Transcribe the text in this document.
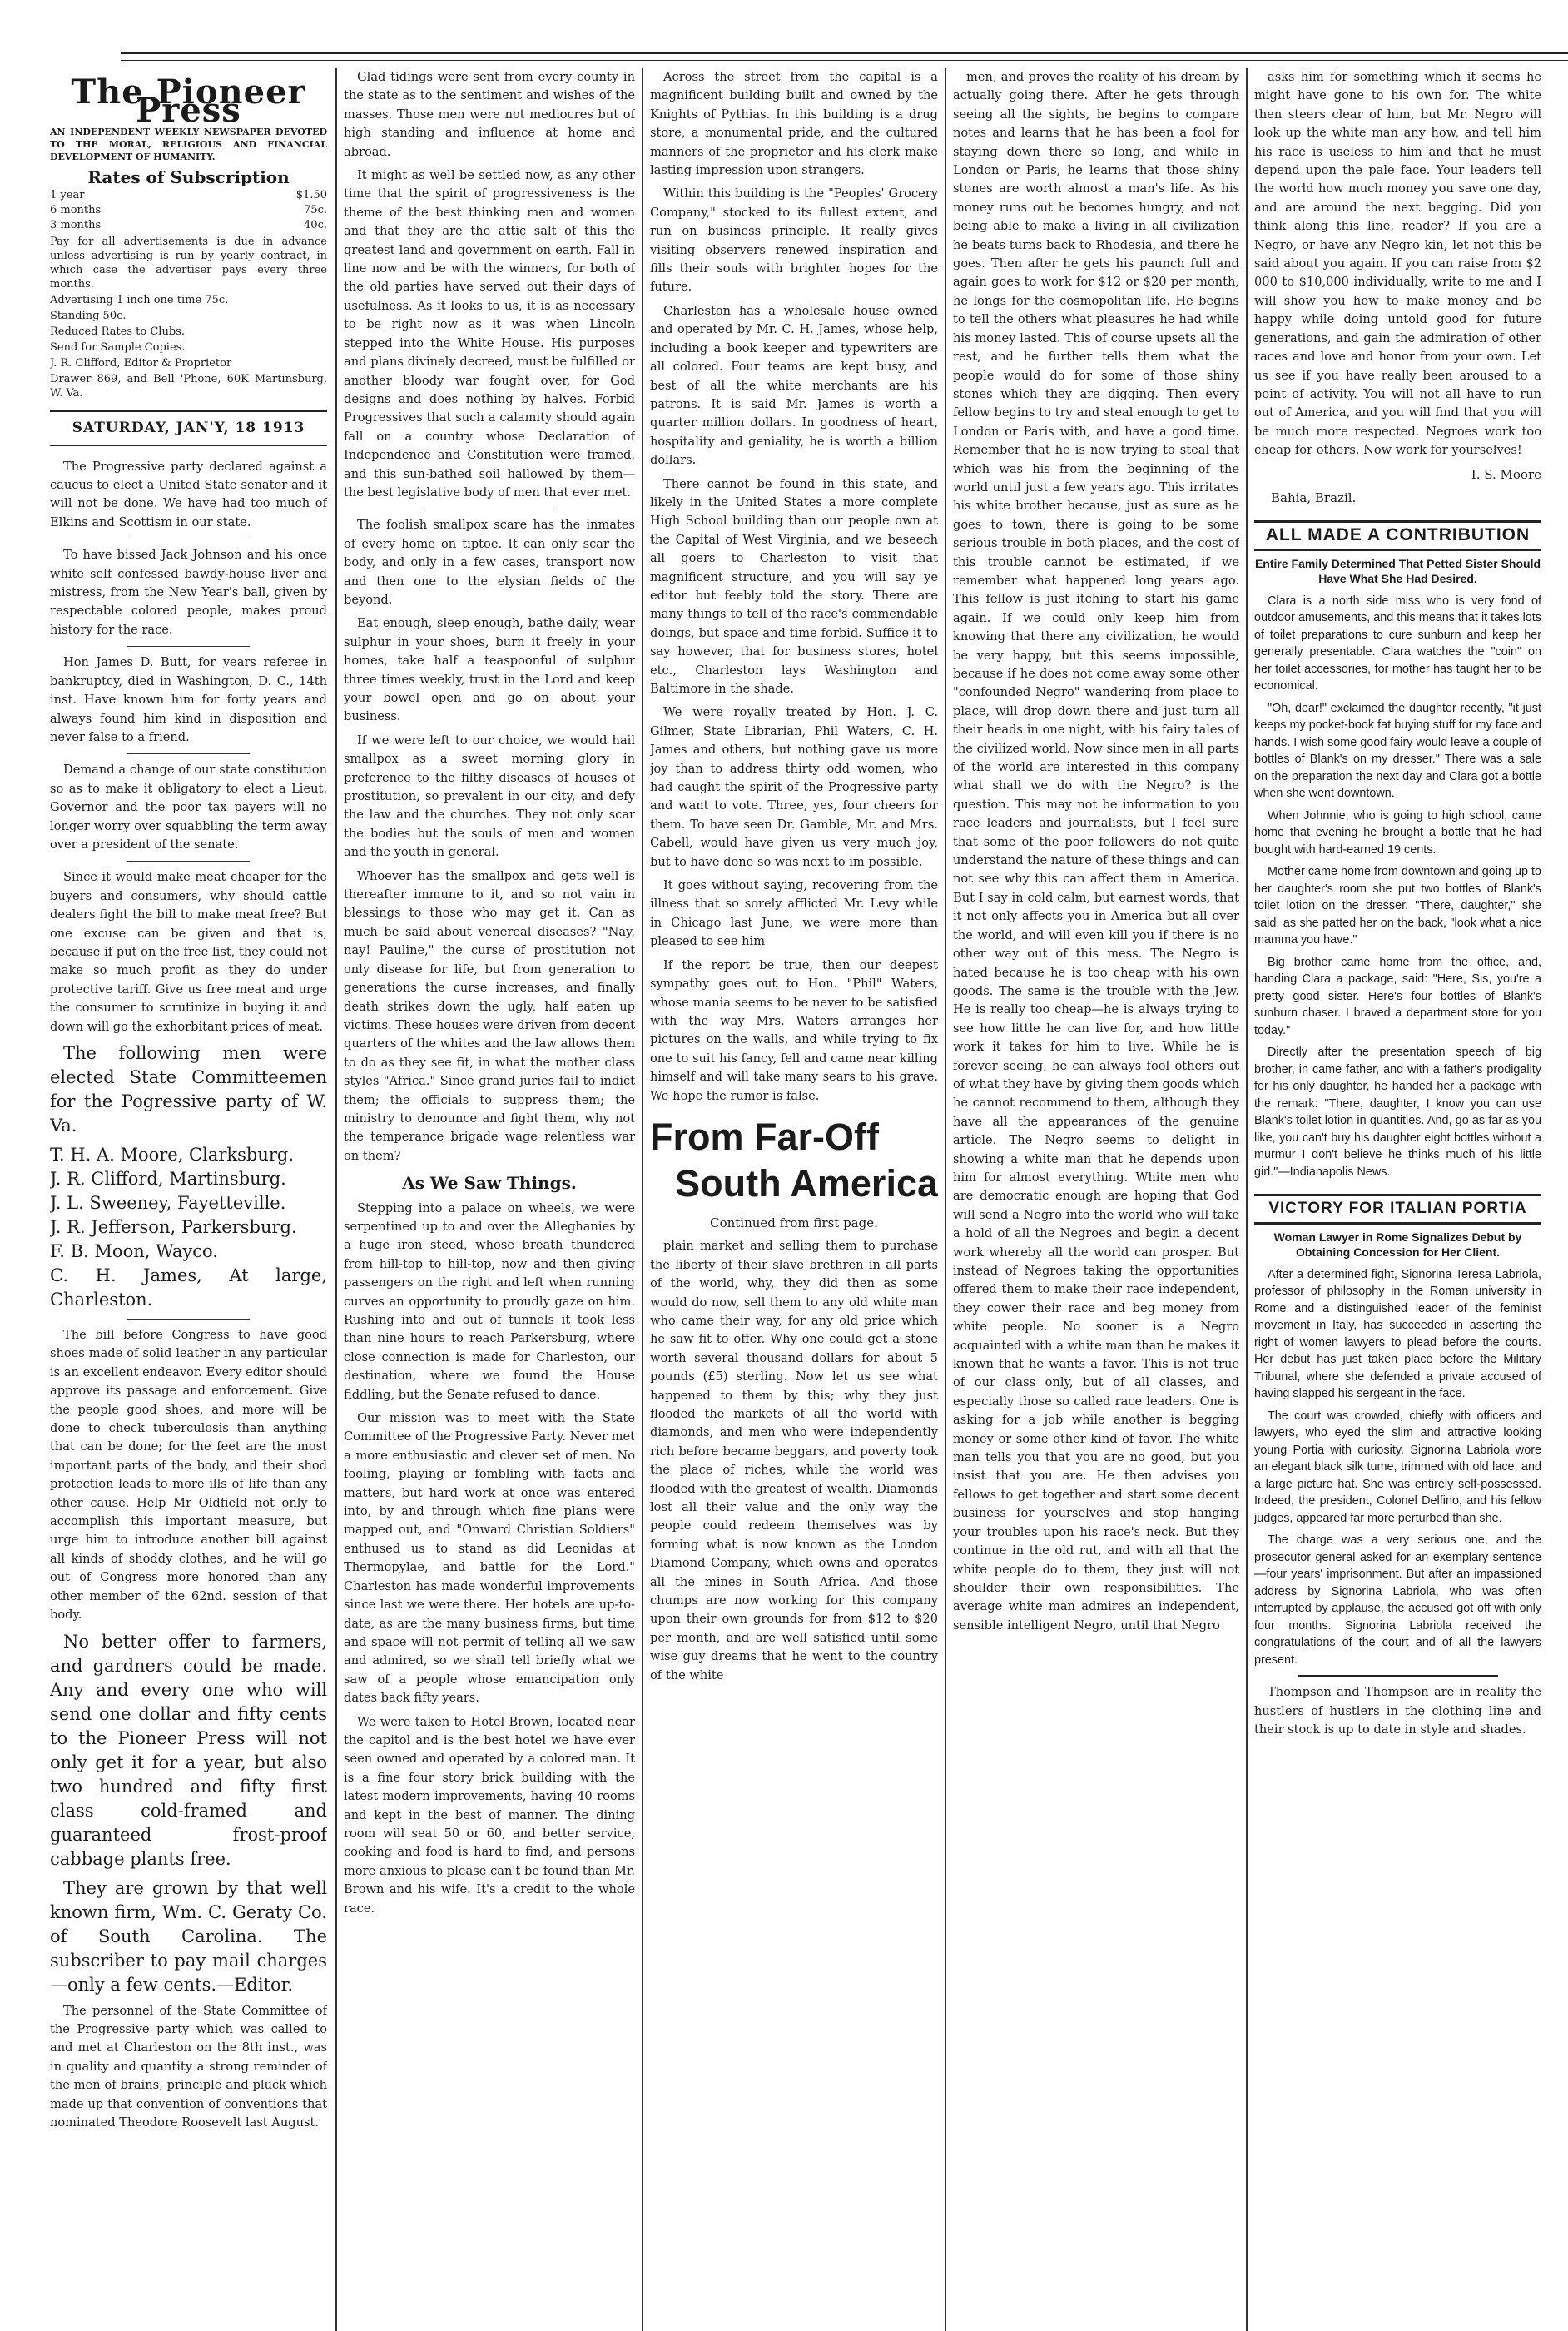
The Pioneer Press
AN INDEPENDENT WEEKLY NEWSPAPER DEVOTED TO THE MORAL, RELIGIOUS AND FINANCIAL DEVELOPMENT OF HUMANITY.
Rates of Subscription
1 year	$1.50
6 months	75c.
3 months	40c.
Pay for all advertisements is due in advance unless advertising is run by yearly contract, in which case the advertiser pays every three months.
Advertising 1 inch one time 75c.
Standing 50c.
Reduced Rates to Clubs.
Send for Sample Copies.
J. R. Clifford, Editor & Proprietor
Drawer 869, and Bell 'Phone, 60K Martinsburg, W. Va.
SATURDAY, JAN'Y, 18 1913

The Progressive party declared against a caucus to elect a United State senator and it will not be done. We have had too much of Elkins and Scottism in our state.

To have bissed Jack Johnson and his once white self confessed bawdy-house liver and mistress, from the New Year's ball, given by respectable colored people, makes proud history for the race.

Hon James D. Butt, for years referee in bankruptcy, died in Washington, D. C., 14th inst. Have known him for forty years and always found him kind in disposition and never false to a friend.

Demand a change of our state constitution so as to make it obligatory to elect a Lieut. Governor and the poor tax payers will no longer worry over squabbling the term away over a president of the senate.

Since it would make meat cheaper for the buyers and consumers, why should cattle dealers fight the bill to make meat free? But one excuse can be given and that is, because if put on the free list, they could not make so much profit as they do under protective tariff. Give us free meat and urge the consumer to scrutinize in buying it and down will go the exhorbitant prices of meat.

The following men were elected State Committeemen for the Pogressive party of W. Va.

T. H. A. Moore, Clarksburg.
J. R. Clifford, Martinsburg.
J. L. Sweeney, Fayetteville.
J. R. Jefferson, Parkersburg.
F. B. Moon, Wayco.
C. H. James, At large, Charleston.

The bill before Congress to have good shoes made of solid leather in any particular is an excellent endeavor. Every editor should approve its passage and enforcement. Give the people good shoes, and more will be done to check tuberculosis than anything that can be done; for the feet are the most important parts of the body, and their shod protection leads to more ills of life than any other cause. Help Mr Oldfield not only to accomplish this important measure, but urge him to introduce another bill against all kinds of shoddy clothes, and he will go out of Congress more honored than any other member of the 62nd. session of that body.

No better offer to farmers, and gardners could be made. Any and every one who will send one dollar and fifty cents to the Pioneer Press will not only get it for a year, but also two hundred and fifty first class cold-framed and guaranteed frost-proof cabbage plants free.

They are grown by that well known firm, Wm. C. Geraty Co. of South Carolina. The subscriber to pay mail charges—only a few cents.—Editor.

The personnel of the State Committee of the Progressive party which was called to and met at Charleston on the 8th inst., was in quality and quantity a strong reminder of the men of brains, principle and pluck which made up that convention of conventions that nominated Theodore Roosevelt last August.

Glad tidings were sent from every county in the state as to the sentiment and wishes of the masses. Those men were not mediocres but of high standing and influence at home and abroad.

It might as well be settled now, as any other time that the spirit of progressiveness is the theme of the best thinking men and women and that they are the attic salt of this the greatest land and government on earth. Fall in line now and be with the winners, for both of the old parties have served out their days of usefulness. As it looks to us, it is as necessary to be right now as it was when Lincoln stepped into the White House. His purposes and plans divinely decreed, must be fulfilled or another bloody war fought over, for God designs and does nothing by halves. Forbid Progressives that such a calamity should again fall on a country whose Declaration of Independence and Constitution were framed, and this sun-bathed soil hallowed by them—the best legislative body of men that ever met.

The foolish smallpox scare has the inmates of every home on tiptoe. It can only scar the body, and only in a few cases, transport now and then one to the elysian fields of the beyond.

Eat enough, sleep enough, bathe daily, wear sulphur in your shoes, burn it freely in your homes, take half a teaspoonful of sulphur three times weekly, trust in the Lord and keep your bowel open and go on about your business.

If we were left to our choice, we would hail smallpox as a sweet morning glory in preference to the filthy diseases of houses of prostitution, so prevalent in our city, and defy the law and the churches. They not only scar the bodies but the souls of men and women and the youth in general.

Whoever has the smallpox and gets well is thereafter immune to it, and so not vain in blessings to those who may get it. Can as much be said about venereal diseases? "Nay, nay! Pauline," the curse of prostitution not only disease for life, but from generation to generations the curse increases, and finally death strikes down the ugly, half eaten up victims. These houses were driven from decent quarters of the whites and the law allows them to do as they see fit, in what the mother class styles "Africa." Since grand juries fail to indict them; the officials to suppress them; the ministry to denounce and fight them, why not the temperance brigade wage relentless war on them?

As We Saw Things.

Stepping into a palace on wheels, we were serpentined up to and over the Alleghanies by a huge iron steed, whose breath thundered from hill-top to hill-top, now and then giving passengers on the right and left when running curves an opportunity to proudly gaze on him. Rushing into and out of tunnels it took less than nine hours to reach Parkersburg, where close connection is made for Charleston, our destination, where we found the House fiddling, but the Senate refused to dance.

Our mission was to meet with the State Committee of the Progressive Party. Never met a more enthusiastic and clever set of men. No fooling, playing or fombling with facts and matters, but hard work at once was entered into, by and through which fine plans were mapped out, and "Onward Christian Soldiers" enthused us to stand as did Leonidas at Thermopylae, and battle for the Lord." Charleston has made wonderful improvements since last we were there. Her hotels are up-to-date, as are the many business firms, but time and space will not permit of telling all we saw and admired, so we shall tell briefly what we saw of a people whose emancipation only dates back fifty years.

We were taken to Hotel Brown, located near the capitol and is the best hotel we have ever seen owned and operated by a colored man. It is a fine four story brick building with the latest modern improvements, having 40 rooms and kept in the best of manner. The dining room will seat 50 or 60, and better service, cooking and food is hard to find, and persons more anxious to please can't be found than Mr. Brown and his wife. It's a credit to the whole race.

Across the street from the capital is a magnificent building built and owned by the Knights of Pythias. In this building is a drug store, a monumental pride, and the cultured manners of the proprietor and his clerk make lasting impression upon strangers.

Within this building is the "Peoples' Grocery Company," stocked to its fullest extent, and run on business principle. It really gives visiting observers renewed inspiration and fills their souls with brighter hopes for the future.

Charleston has a wholesale house owned and operated by Mr. C. H. James, whose help, including a book keeper and typewriters are all colored. Four teams are kept busy, and best of all the white merchants are his patrons. It is said Mr. James is worth a quarter million dollars. In goodness of heart, hospitality and geniality, he is worth a billion dollars.

There cannot be found in this state, and likely in the United States a more complete High School building than our people own at the Capital of West Virginia, and we beseech all goers to Charleston to visit that magnificent structure, and you will say ye editor but feebly told the story. There are many things to tell of the race's commendable doings, but space and time forbid. Suffice it to say however, that for business stores, hotel etc., Charleston lays Washington and Baltimore in the shade.

We were royally treated by Hon. J. C. Gilmer, State Librarian, Phil Waters, C. H. James and others, but nothing gave us more joy than to address thirty odd women, who had caught the spirit of the Progressive party and want to vote. Three, yes, four cheers for them. To have seen Dr. Gamble, Mr. and Mrs. Cabell, would have given us very much joy, but to have done so was next to im possible.

It goes without saying, recovering from the illness that so sorely afflicted Mr. Levy while in Chicago last June, we were more than pleased to see him

If the report be true, then our deepest sympathy goes out to Hon. "Phil" Waters, whose mania seems to be never to be satisfied with the way Mrs. Waters arranges her pictures on the walls, and while trying to fix one to suit his fancy, fell and came near killing himself and will take many sears to his grave. We hope the rumor is false.

From Far-Off
South America
Continued from first page.

plain market and selling them to purchase the liberty of their slave brethren in all parts of the world, why, they did then as some would do now, sell them to any old white man who came their way, for any old price which he saw fit to offer. Why one could get a stone worth several thousand dollars for about 5 pounds (£5) sterling. Now let us see what happened to them by this; why they just flooded the markets of all the world with diamonds, and men who were independently rich before became beggars, and poverty took the place of riches, while the world was flooded with the greatest of wealth. Diamonds lost all their value and the only way the people could redeem themselves was by forming what is now known as the London Diamond Company, which owns and operates all the mines in South Africa. And those chumps are now working for this company upon their own grounds for from $12 to $20 per month, and are well satisfied until some wise guy dreams that he went to the country of the white

men, and proves the reality of his dream by actually going there. After he gets through seeing all the sights, he begins to compare notes and learns that he has been a fool for staying down there so long, and while in London or Paris, he learns that those shiny stones are worth almost a man's life. As his money runs out he becomes hungry, and not being able to make a living in all civilization he beats turns back to Rhodesia, and there he goes. Then after he gets his paunch full and again goes to work for $12 or $20 per month, he longs for the cosmopolitan life. He begins to tell the others what pleasures he had while his money lasted. This of course upsets all the rest, and he further tells them what the people would do for some of those shiny stones which they are digging. Then every fellow begins to try and steal enough to get to London or Paris with, and have a good time. Remember that he is now trying to steal that which was his from the beginning of the world until just a few years ago. This irritates his white brother because, just as sure as he goes to town, there is going to be some serious trouble in both places, and the cost of this trouble cannot be estimated, if we remember what happened long years ago. This fellow is just itching to start his game again. If we could only keep him from knowing that there any civilization, he would be very happy, but this seems impossible, because if he does not come away some other "confounded Negro" wandering from place to place, will drop down there and just turn all their heads in one night, with his fairy tales of the civilized world. Now since men in all parts of the world are interested in this company what shall we do with the Negro? is the question. This may not be information to you race leaders and journalists, but I feel sure that some of the poor followers do not quite understand the nature of these things and can not see why this can affect them in America. But I say in cold calm, but earnest words, that it not only affects you in America but all over the world, and will even kill you if there is no other way out of this mess. The Negro is hated because he is too cheap with his own goods. The same is the trouble with the Jew. He is really too cheap—he is always trying to see how little he can live for, and how little work it takes for him to live. While he is forever seeing, he can always fool others out of what they have by giving them goods which he cannot recommend to them, although they have all the appearances of the genuine article. The Negro seems to delight in showing a white man that he depends upon him for almost everything. White men who are democratic enough are hoping that God will send a Negro into the world who will take a hold of all the Negroes and begin a decent work whereby all the world can prosper. But instead of Negroes taking the opportunities offered them to make their race independent, they cower their race and beg money from white people. No sooner is a Negro acquainted with a white man than he makes it known that he wants a favor. This is not true of our class only, but of all classes, and especially those so called race leaders. One is asking for a job while another is begging money or some other kind of favor. The white man tells you that you are no good, but you insist that you are. He then advises you fellows to get together and start some decent business for yourselves and stop hanging your troubles upon his race's neck. But they continue in the old rut, and with all that the white people do to them, they just will not shoulder their own responsibilities. The average white man admires an independent, sensible intelligent Negro, until that Negro

asks him for something which it seems he might have gone to his own for. The white then steers clear of him, but Mr. Negro will look up the white man any how, and tell him his race is useless to him and that he must depend upon the pale face. Your leaders tell the world how much money you save one day, and are around the next begging. Did you think along this line, reader? If you are a Negro, or have any Negro kin, let not this be said about you again. If you can raise from $2 000 to $10,000 individually, write to me and I will show you how to make money and be happy while doing untold good for future generations, and gain the admiration of other races and love and honor from your own. Let us see if you have really been aroused to a point of activity. You will not all have to run out of America, and you will find that you will be much more respected. Negroes work too cheap for others. Now work for yourselves!

I. S. Moore
Bahia, Brazil.
ALL MADE A CONTRIBUTION
Entire Family Determined That Petted Sister Should Have What She Had Desired.

Clara is a north side miss who is very fond of outdoor amusements, and this means that it takes lots of toilet preparations to cure sunburn and keep her generally presentable. Clara watches the "coin" on her toilet accessories, for mother has taught her to be economical.

"Oh, dear!" exclaimed the daughter recently, "it just keeps my pocket-book fat buying stuff for my face and hands. I wish some good fairy would leave a couple of bottles of Blank's on my dresser." There was a sale on the preparation the next day and Clara got a bottle when she went downtown.

When Johnnie, who is going to high school, came home that evening he brought a bottle that he had bought with hard-earned 19 cents.

Mother came home from downtown and going up to her daughter's room she put two bottles of Blank's toilet lotion on the dresser. "There, daughter," she said, as she patted her on the back, "look what a nice mamma you have."

Big brother came home from the office, and, handing Clara a package, said: "Here, Sis, you're a pretty good sister. Here's four bottles of Blank's sunburn chaser. I braved a department store for you today."

Directly after the presentation speech of big brother, in came father, and with a father's prodigality for his only daughter, he handed her a package with the remark: "There, daughter, I know you can use Blank's toilet lotion in quantities. And, go as far as you like, you can't buy his daughter eight bottles without a murmur I don't believe he thinks much of his little girl."—Indianapolis News.

VICTORY FOR ITALIAN PORTIA
Woman Lawyer in Rome Signalizes Debut by Obtaining Concession for Her Client.

After a determined fight, Signorina Teresa Labriola, professor of philosophy in the Roman university in Rome and a distinguished leader of the feminist movement in Italy, has succeeded in asserting the right of women lawyers to plead before the courts. Her debut has just taken place before the Military Tribunal, where she defended a private accused of having slapped his sergeant in the face.

The court was crowded, chiefly with officers and lawyers, who eyed the slim and attractive looking young Portia with curiosity. Signorina Labriola wore an elegant black silk tume, trimmed with old lace, and a large picture hat. She was entirely self-possessed. Indeed, the president, Colonel Delfino, and his fellow judges, appeared far more perturbed than she.

The charge was a very serious one, and the prosecutor general asked for an exemplary sentence—four years' imprisonment. But after an impassioned address by Signorina Labriola, who was often interrupted by applause, the accused got off with only four months. Signorina Labriola received the congratulations of the court and of all the lawyers present.

Thompson and Thompson are in reality the hustlers of hustlers in the clothing line and their stock is up to date in style and shades.
